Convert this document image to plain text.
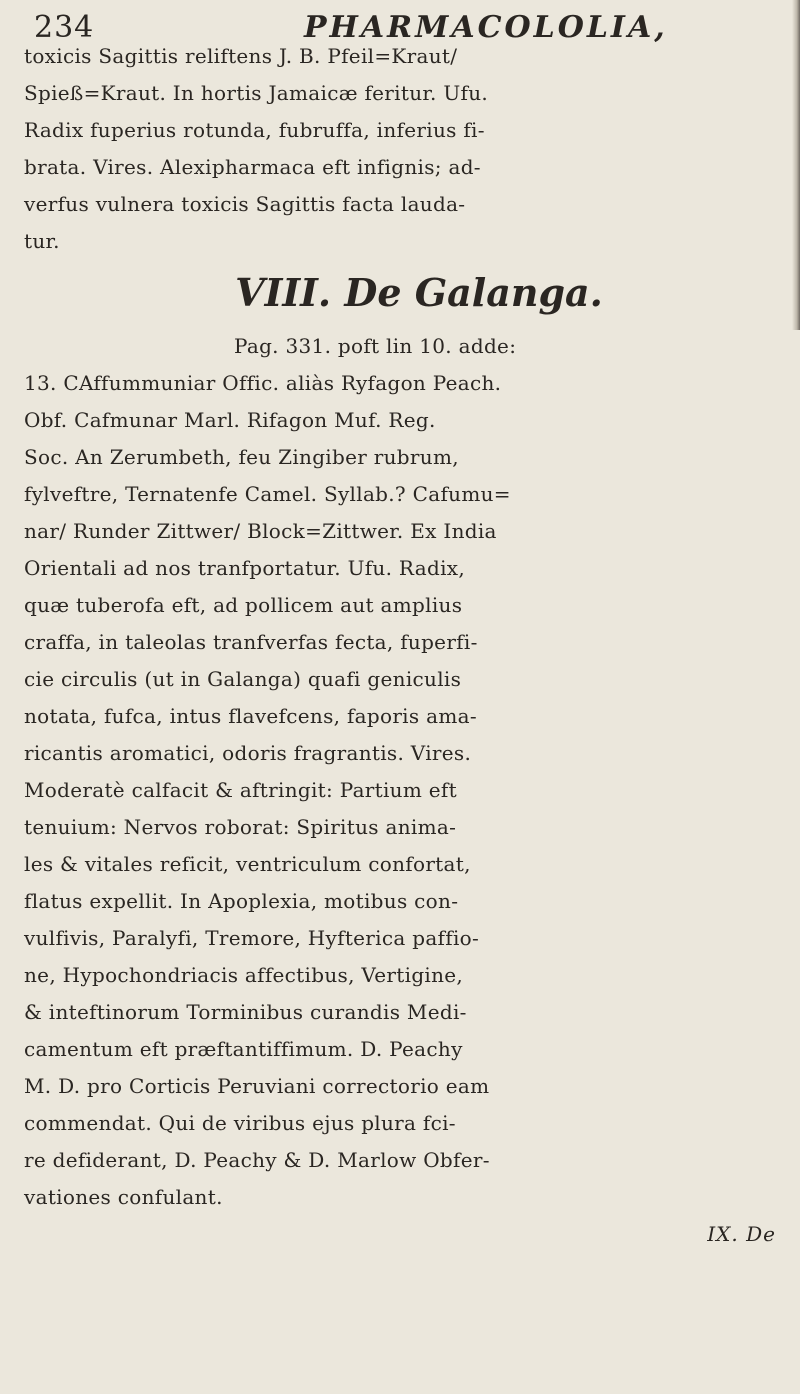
234	PHARMACOLOLIA,
toxicis Sagittis reliftens J. B. Pfeil=Kraut/
Spieß=Kraut. In hortis Jamaicæ feritur. Ufu.
Radix fuperius rotunda, fubruffa, inferius fi-
brata. Vires. Alexipharmaca eft infignis; ad-
verfus vulnera toxicis Sagittis facta lauda-
tur.
VIII. De Galanga.
Pag. 331. poft lin 10. adde:
13. CAffummuniar Offic. aliàs Ryfagon Peach.
Obf. Cafmunar Marl. Rifagon Muf. Reg.
Soc. An Zerumbeth, feu Zingiber rubrum,
fylveftre, Ternatenfe Camel. Syllab.? Cafumu=
nar/ Runder Zittwer/ Block=Zittwer. Ex India
Orientali ad nos tranfportatur. Ufu. Radix,
quæ tuberofa eft, ad pollicem aut amplius
craffa, in taleolas tranfverfas fecta, fuperfi-
cie circulis (ut in Galanga) quafi geniculis
notata, fufca, intus flavefcens, faporis ama-
ricantis aromatici, odoris fragrantis. Vires.
Moderatè calfacit & aftringit: Partium eft
tenuium: Nervos roborat: Spiritus anima-
les & vitales reficit, ventriculum confortat,
flatus expellit. In Apoplexia, motibus con-
vulfivis, Paralyfi, Tremore, Hyfterica paffio-
ne, Hypochondriacis affectibus, Vertigine,
& inteftinorum Torminibus curandis Medi-
camentum eft præftantiffimum. D. Peachy
M. D. pro Corticis Peruviani correctorio eam
commendat. Qui de viribus ejus plura fci-
re defiderant, D. Peachy & D. Marlow Obfer-
vationes confulant.
IX. De
